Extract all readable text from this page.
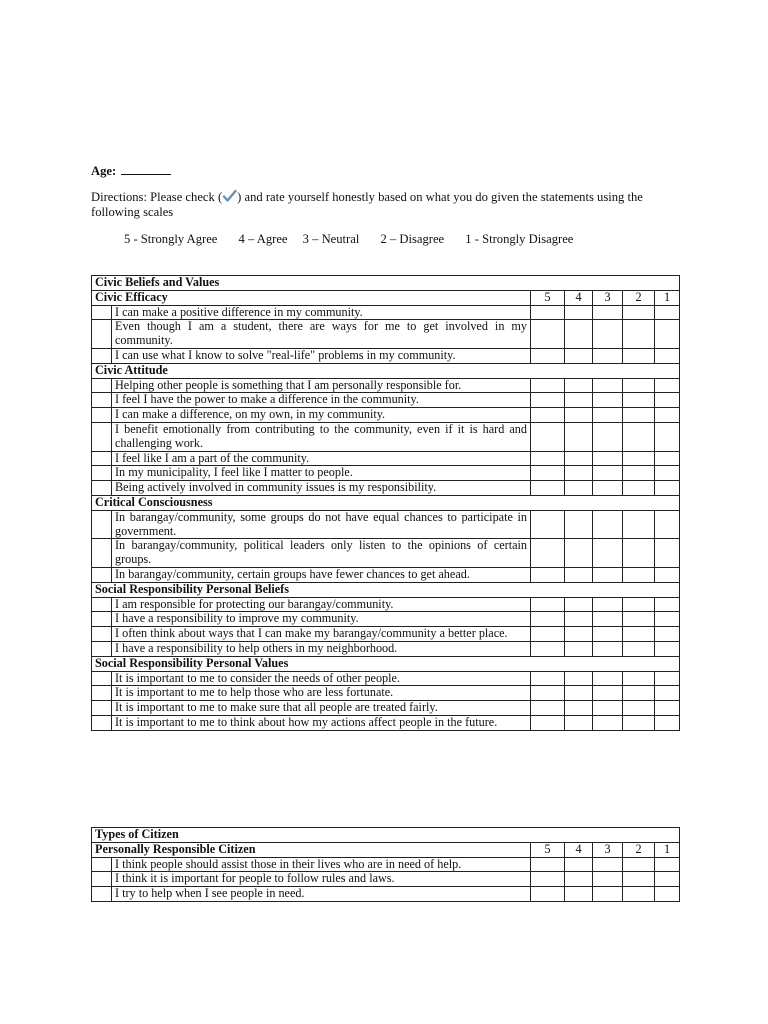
Age:
Directions: Please check ( ) and rate yourself honestly based on what you do given the statements using the following scales
5 - Strongly Agree 4 – Agree 3 – Neutral 2 – Disagree 1 - Strongly Disagree
Civic Beliefs and Values						
Civic Efficacy		5	4	3	2	1
	I can make a positive difference in my community.					
	Even though I am a student, there are ways for me to get involved in my community.					
	I can use what I know to solve "real-life" problems in my community.					
Civic Attitude						
	Helping other people is something that I am personally responsible for.					
	I feel I have the power to make a difference in the community.					
	I can make a difference, on my own, in my community.					
	I benefit emotionally from contributing to the community, even if it is hard and challenging work.					
	I feel like I am a part of the community.					
	In my municipality, I feel like I matter to people.					
	Being actively involved in community issues is my responsibility.					
Critical Consciousness						
	In barangay/community, some groups do not have equal chances to participate in government.					
	In barangay/community, political leaders only listen to the opinions of certain groups.					
	In barangay/community, certain groups have fewer chances to get ahead.					
Social Responsibility Personal Beliefs						
	I am responsible for protecting our barangay/community.					
	I have a responsibility to improve my community.					
	I often think about ways that I can make my barangay/community a better place.					
	I have a responsibility to help others in my neighborhood.					
Social Responsibility Personal Values						
	It is important to me to consider the needs of other people.					
	It is important to me to help those who are less fortunate.					
	It is important to me to make sure that all people are treated fairly.					
	It is important to me to think about how my actions affect people in the future.					
Types of Citizen						
Personally Responsible Citizen		5	4	3	2	1
	I think people should assist those in their lives who are in need of help.					
	I think it is important for people to follow rules and laws.					
	I try to help when I see people in need.					
